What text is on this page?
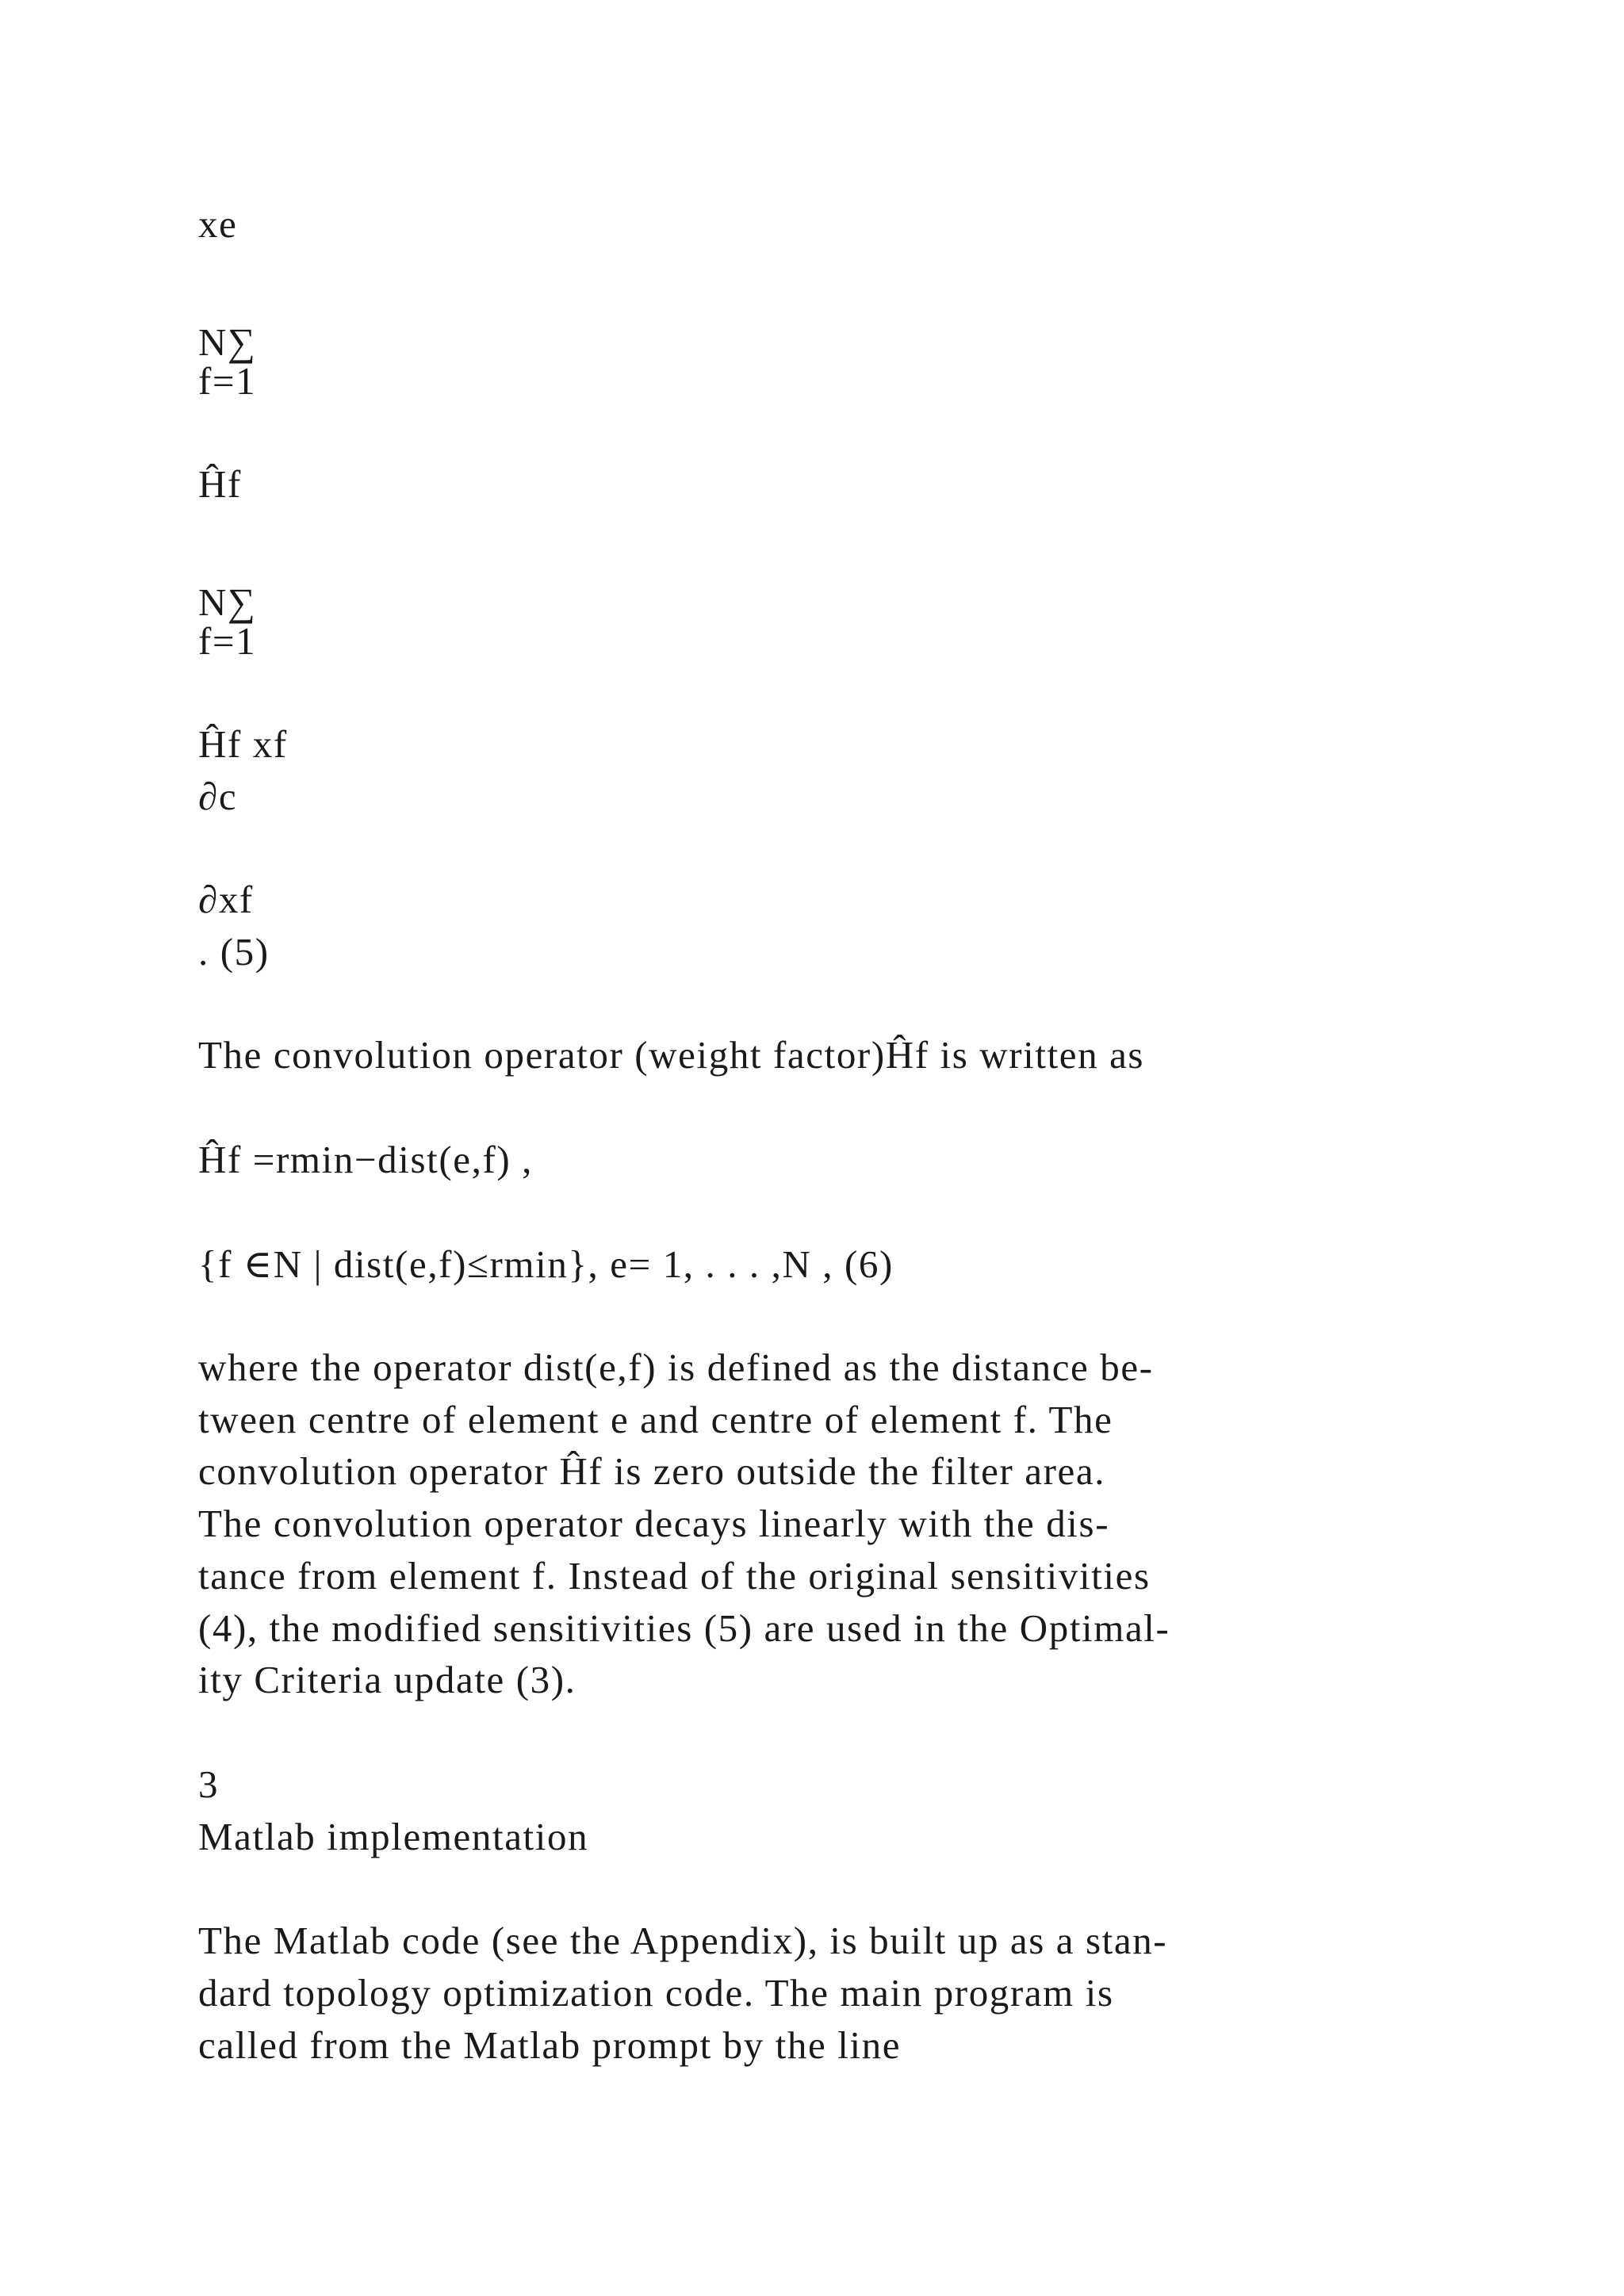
xe

N∑

f=1

Ĥf

N∑

f=1

Ĥf xf

∂c

∂xf

. (5)

The convolution operator (weight factor)Ĥf is written as

Ĥf =rmin−dist(e,f) ,

{f ∈N | dist(e,f)≤rmin}, e= 1, . . . ,N , (6)

where the operator dist(e,f) is defined as the distance be-

tween centre of element e and centre of element f. The

convolution operator Ĥf is zero outside the filter area.

The convolution operator decays linearly with the dis-

tance from element f. Instead of the original sensitivities

(4), the modified sensitivities (5) are used in the Optimal-

ity Criteria update (3).

3

Matlab implementation

The Matlab code (see the Appendix), is built up as a stan-

dard topology optimization code. The main program is

called from the Matlab prompt by the line
